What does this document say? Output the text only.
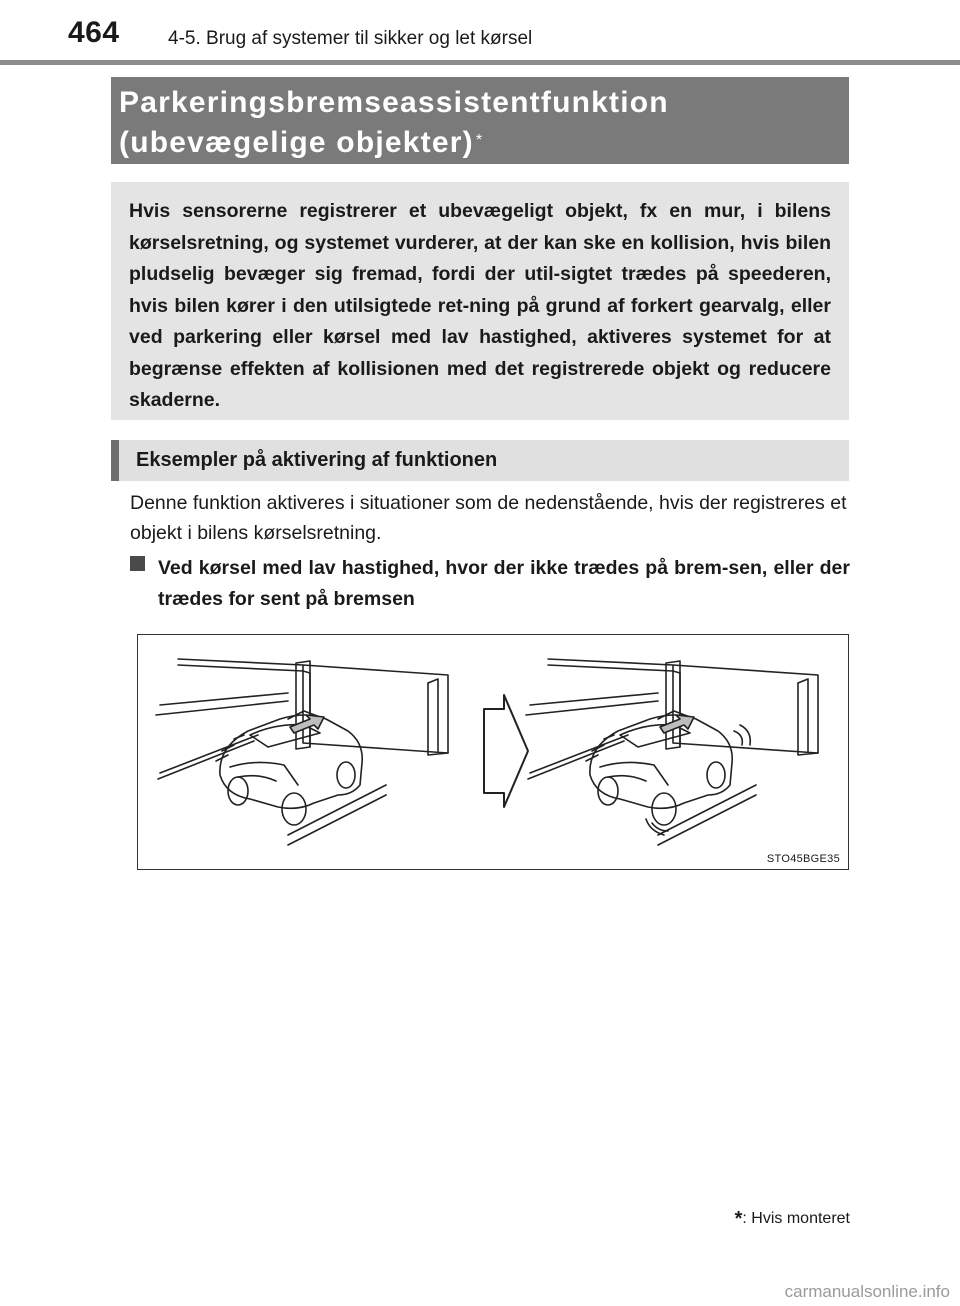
464	4-5. Brug af systemer til sikker og let kørsel
Parkeringsbremseassistentfunktion (ubevægelige objekter) *

Hvis sensorerne registrerer et ubevægeligt objekt, fx en mur, i bilens kørselsretning, og systemet vurderer, at der kan ske en kollision, hvis bilen pludselig bevæger sig fremad, fordi der util-sigtet trædes på speederen, hvis bilen kører i den utilsigtede ret-ning på grund af forkert gearvalg, eller ved parkering eller kørsel med lav hastighed, aktiveres systemet for at begrænse effekten af kollisionen med det registrerede objekt og reducere skaderne.

Eksempler på aktivering af funktionen

Denne funktion aktiveres i situationer som de nedenstående, hvis der registreres et objekt i bilens kørselsretning.

Ved kørsel med lav hastighed, hvor der ikke trædes på brem-sen, eller der trædes for sent på bremsen

STO45BGE35
*: Hvis monteret
carmanualsonline.info
